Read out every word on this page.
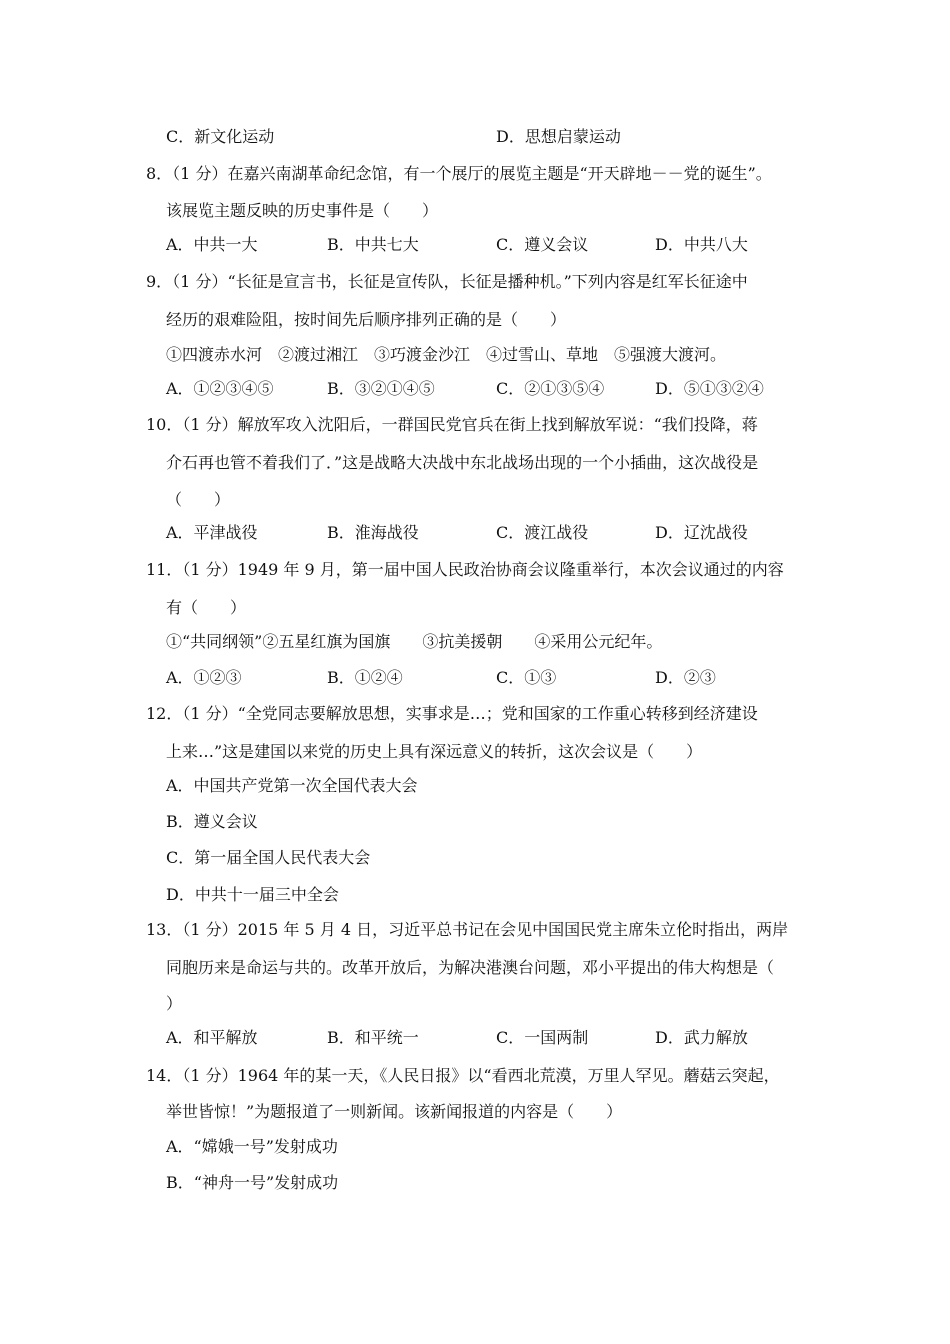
C．新文化运动	D．思想启蒙运动
8．（1 分）在嘉兴南湖革命纪念馆，有一个展厅的展览主题是“开天辟地－－党的诞生”。
该展览主题反映的历史事件是（　　）
A．中共一大	B．中共七大	C．遵义会议	D．中共八大
9．（1 分）“长征是宣言书，长征是宣传队，长征是播种机。”下列内容是红军长征途中
经历的艰难险阻，按时间先后顺序排列正确的是（　　）
①四渡赤水河　②渡过湘江　③巧渡金沙江　④过雪山、草地　⑤强渡大渡河。
A．①②③④⑤	B．③②①④⑤	C．②①③⑤④	D．⑤①③②④
10．（1 分）解放军攻入沈阳后，一群国民党官兵在街上找到解放军说：“我们投降，蒋
介石再也管不着我们了．”这是战略大决战中东北战场出现的一个小插曲，这次战役是
（　　）
A．平津战役	B．淮海战役	C．渡江战役	D．辽沈战役
11．（1 分）1949 年 9 月，第一届中国人民政治协商会议隆重举行，本次会议通过的内容
有（　　）
①“共同纲领”②五星红旗为国旗　　③抗美援朝　　④采用公元纪年。
A．①②③	B．①②④	C．①③	D．②③
12．（1 分）“全党同志要解放思想，实事求是…；党和国家的工作重心转移到经济建设
上来…”这是建国以来党的历史上具有深远意义的转折，这次会议是（　　）
A．中国共产党第一次全国代表大会
B．遵义会议
C．第一届全国人民代表大会
D．中共十一届三中全会
13．（1 分）2015 年 5 月 4 日，习近平总书记在会见中国国民党主席朱立伦时指出，两岸
同胞历来是命运与共的。改革开放后，为解决港澳台问题，邓小平提出的伟大构想是（
）
A．和平解放	B．和平统一	C．一国两制	D．武力解放
14．（1 分）1964 年的某一天，《人民日报》以“看西北荒漠，万里人罕见。蘑菇云突起，
举世皆惊！”为题报道了一则新闻。该新闻报道的内容是（　　）
A．“嫦娥一号”发射成功
B．“神舟一号”发射成功
